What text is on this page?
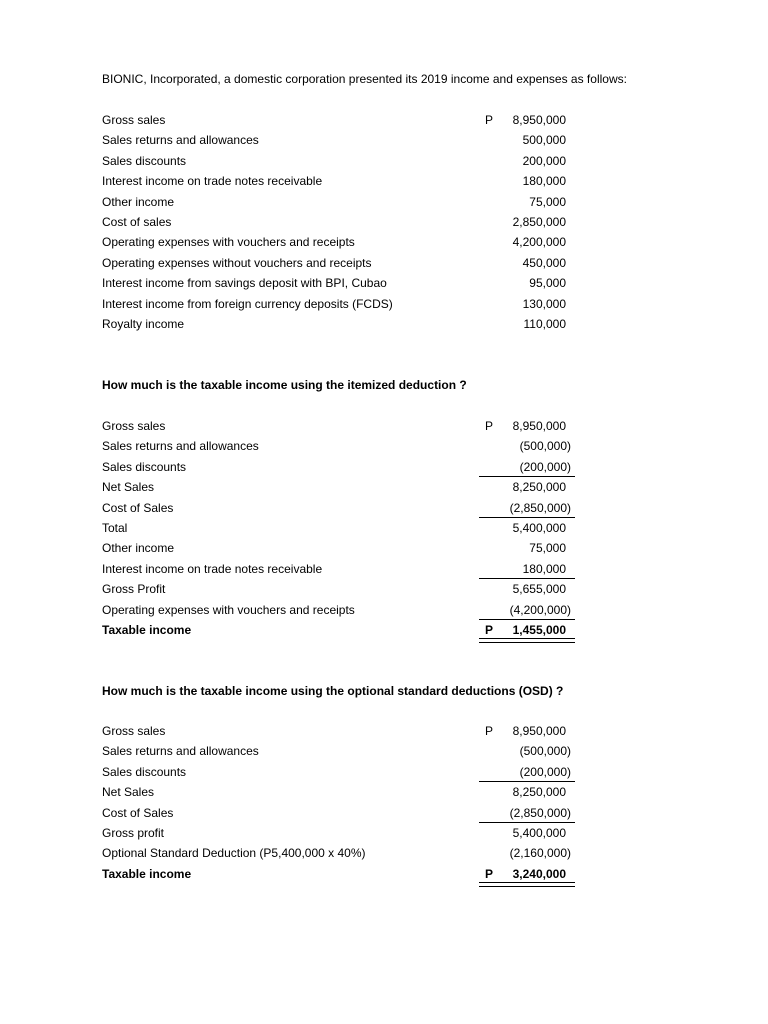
BIONIC, Incorporated, a domestic corporation presented its 2019 income and expenses as follows:
Gross sales	P	8,950,000
Sales returns and allowances	500,000
Sales discounts	200,000
Interest income on trade notes receivable	180,000
Other income	75,000
Cost of sales	2,850,000
Operating expenses with vouchers and receipts	4,200,000
Operating expenses without vouchers and receipts	450,000
Interest income from savings deposit with BPI, Cubao	95,000
Interest income from foreign currency deposits (FCDS)	130,000
Royalty income	110,000
How much is the taxable income using the itemized deduction ?
Gross sales	P	8,950,000
Sales returns and allowances	(500,000)
Sales discounts	(200,000)
Net Sales	8,250,000
Cost of Sales	(2,850,000)
Total	5,400,000
Other income	75,000
Interest income on trade notes receivable	180,000
Gross Profit	5,655,000
Operating expenses with vouchers and receipts	(4,200,000)
Taxable income	P	1,455,000
How much is the taxable income using the optional standard deductions (OSD) ?
Gross sales	P	8,950,000
Sales returns and allowances	(500,000)
Sales discounts	(200,000)
Net Sales	8,250,000
Cost of Sales	(2,850,000)
Gross profit	5,400,000
Optional Standard Deduction (P5,400,000 x 40%)	(2,160,000)
Taxable income	P	3,240,000
